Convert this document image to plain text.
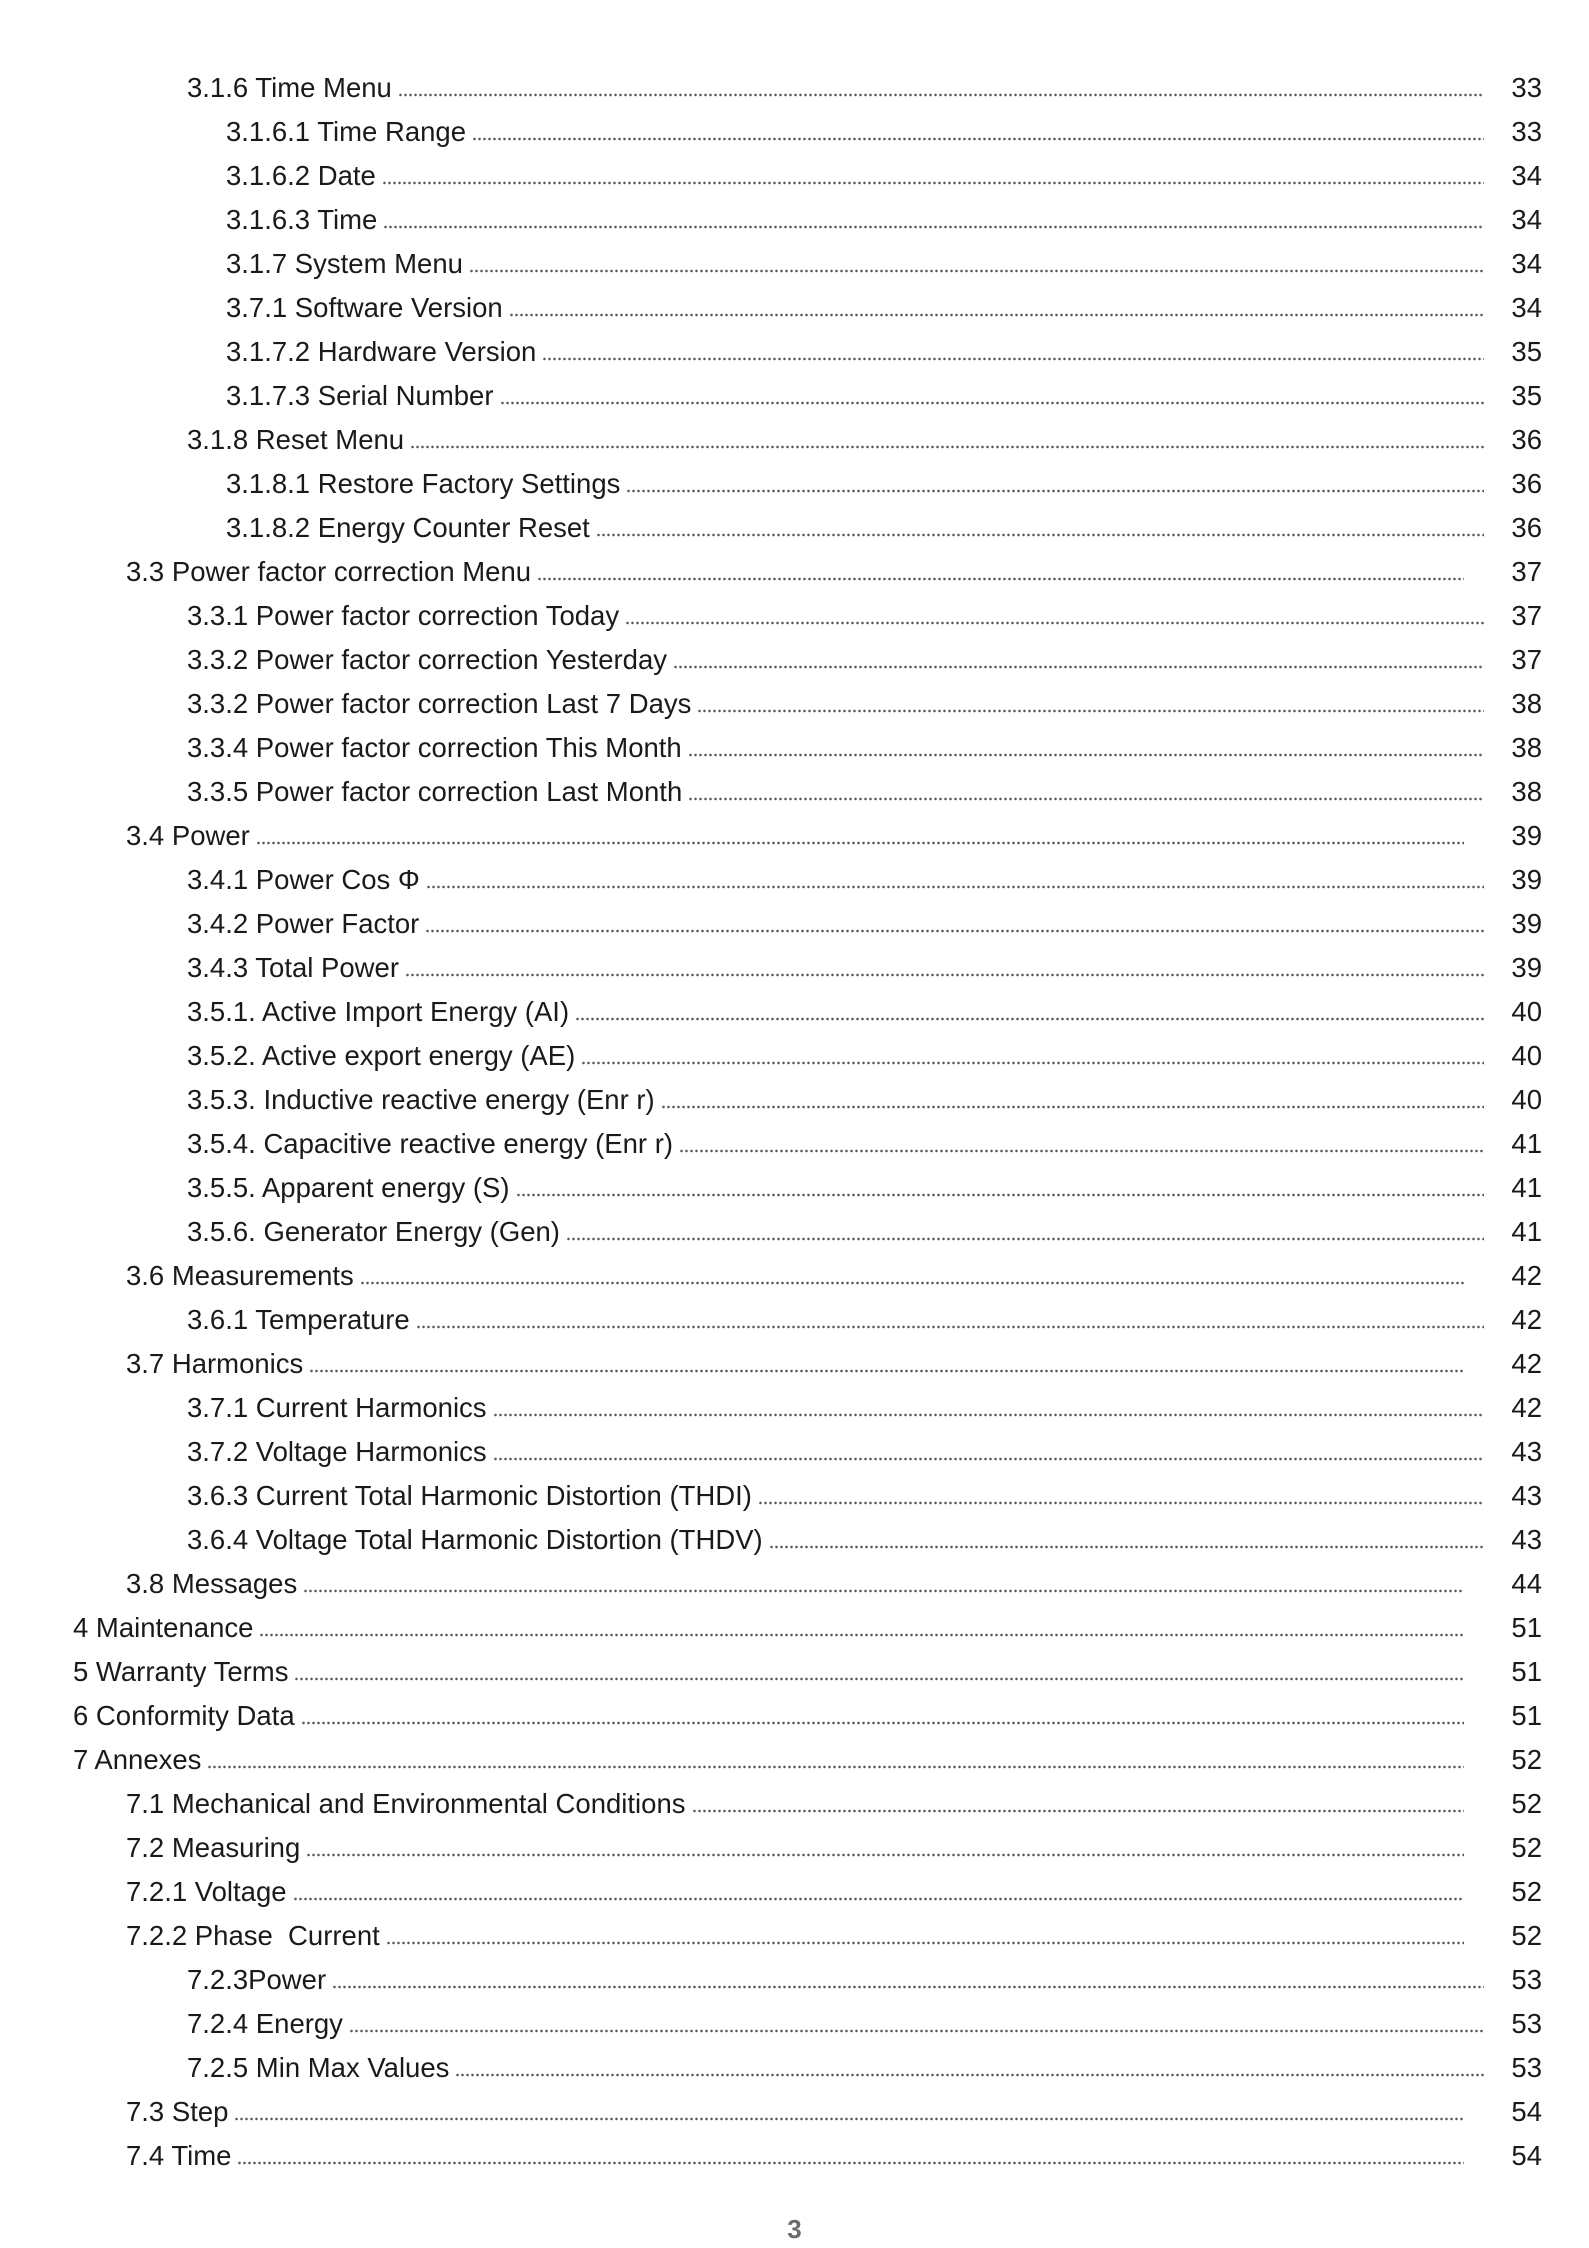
3.1.6 Time Menu	33
3.1.6.1 Time Range	33
3.1.6.2 Date	34
3.1.6.3 Time	34
3.1.7 System Menu	34
3.7.1 Software Version	34
3.1.7.2 Hardware Version	35
3.1.7.3 Serial Number	35
3.1.8 Reset Menu	36
3.1.8.1 Restore Factory Settings	36
3.1.8.2 Energy Counter Reset	36
3.3 Power factor correction Menu	37
3.3.1 Power factor correction Today	37
3.3.2 Power factor correction Yesterday	37
3.3.2 Power factor correction Last 7 Days	38
3.3.4 Power factor correction This Month	38
3.3.5 Power factor correction Last Month	38
3.4 Power	39
3.4.1 Power Cos Φ	39
3.4.2 Power Factor	39
3.4.3 Total Power	39
3.5.1. Active Import Energy (AI)	40
3.5.2. Active export energy (AE)	40
3.5.3. Inductive reactive energy (Enr r)	40
3.5.4. Capacitive reactive energy (Enr r)	41
3.5.5. Apparent energy (S)	41
3.5.6. Generator Energy (Gen)	41
3.6 Measurements	42
3.6.1 Temperature	42
3.7 Harmonics	42
3.7.1 Current Harmonics	42
3.7.2 Voltage Harmonics	43
3.6.3 Current Total Harmonic Distortion (THDI)	43
3.6.4 Voltage Total Harmonic Distortion (THDV)	43
3.8 Messages	44
4 Maintenance	51
5 Warranty Terms	51
6 Conformity Data	51
7 Annexes	52
7.1 Mechanical and Environmental Conditions	52
7.2 Measuring	52
7.2.1 Voltage	52
7.2.2 Phase  Current	52
7.2.3Power	53
7.2.4 Energy	53
7.2.5 Min Max Values	53
7.3 Step	54
7.4 Time	54
3
